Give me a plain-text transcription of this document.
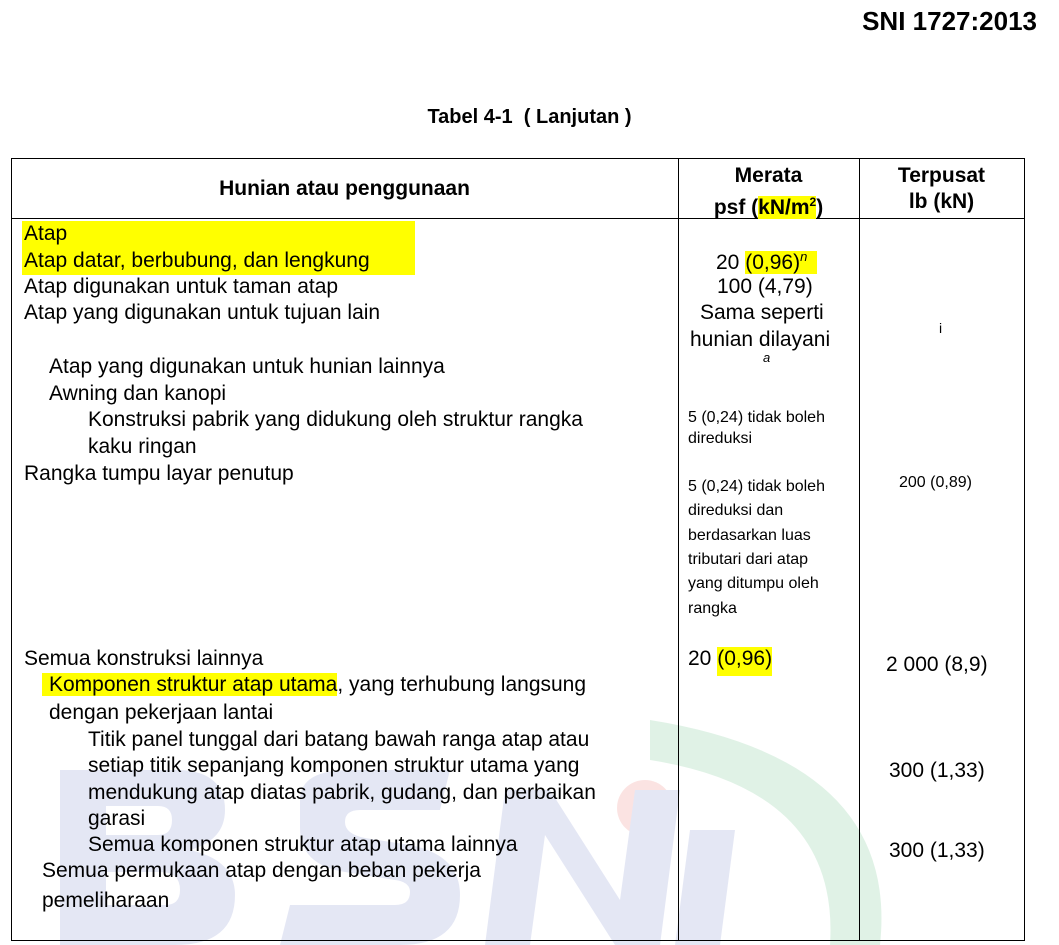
SNI 1727:2013
Tabel 4-1  ( Lanjutan )
Hunian atau penggunaan
Merata
psf $(kN/m^2)$
Terpusat
lb (kN)
Atap
Atap datar, berbubung, dan lengkung
Atap digunakan untuk taman atap
Atap yang digunakan untuk tujuan lain
Atap yang digunakan untuk hunian lainnya
Awning dan kanopi
Konstruksi pabrik yang didukung oleh struktur rangka
kaku ringan
Rangka tumpu layar penutup
Semua konstruksi lainnya
Komponen struktur atap utama, yang terhubung langsung
dengan pekerjaan lantai
Titik panel tunggal dari batang bawah ranga atap atau
setiap titik sepanjang komponen struktur utama yang
mendukung atap diatas pabrik, gudang, dan perbaikan
garasi
Semua komponen struktur atap utama lainnya
Semua permukaan atap dengan beban pekerja
pemeliharaan
20 $(0,96)^n$
100 (4,79)
Sama seperti
hunian dilayani
a
5 (0,24) tidak boleh
direduksi
5 (0,24) tidak boleh
direduksi dan
berdasarkan luas
tributari dari atap
yang ditumpu oleh
rangka
20 (0,96)
i
200 (0,89)
2 000 (8,9)
300 (1,33)
300 (1,33)
